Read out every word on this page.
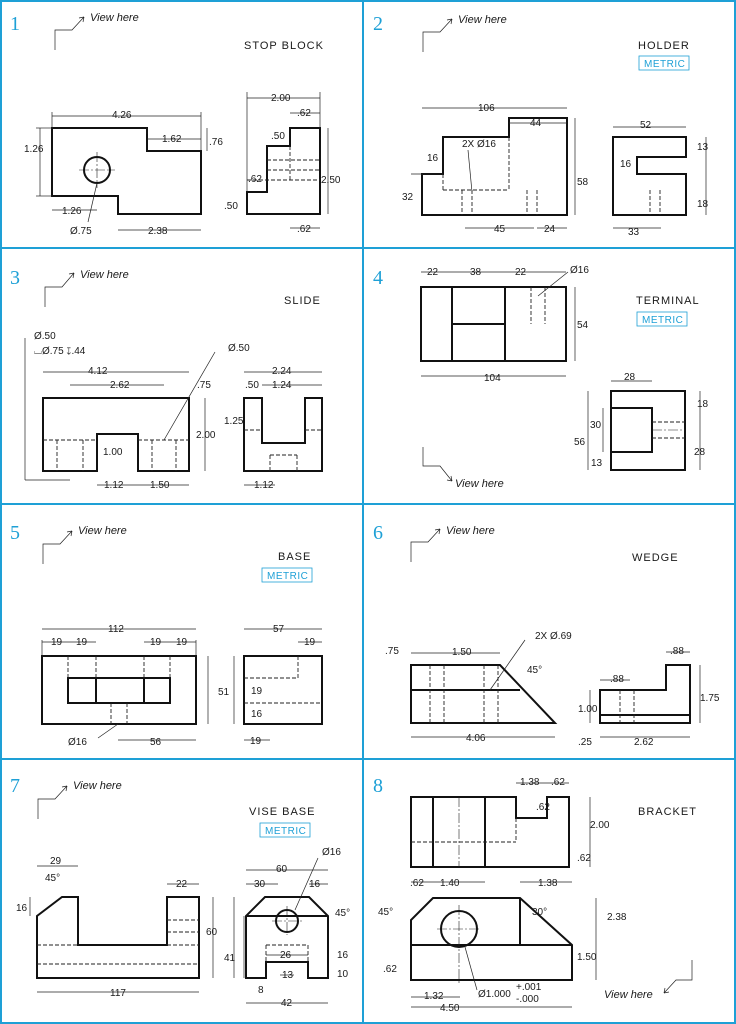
1
STOP BLOCK
View here
4.26
1.62
1.26
.76
1.26
Ø.75	2.38
2.00
.62
.50
.62	2.50
.50
.62
2
HOLDER
METRIC
View here
106
44
2X Ø16
16
32
58
45	24
52
13
16
18
33
3
SLIDE
View here
Ø.50
⌴Ø.75 ↧.44	Ø.50
4.12
2.62	.75
2.24
.50 1.24
1.25
2.00
1.00
1.12	1.50	1.12
4
TERMINAL
METRIC
22	38	22	Ø16
54
104	28
18
30
56
28
13
View here
5
BASE
METRIC
View here
112
19 19	19 19
Ø16	56
57
19
51 19
16
19
6
WEDGE
View here
2X Ø.69
.75	1.50
45°
4.06
.88
.88
1.75
1.00
.25	2.62
7
VISE BASE
METRIC
View here
29
45°
22
16
117
Ø16
60
30	16
45°
60
41	26	16
13	10
8
42
8
BRACKET
1.38 .62
.62
2.00
.62
.62 1.40	1.38
45°	30°	2.38
.62
1.50
1.32	Ø1.000
+.001
-.000
4.50
View here
